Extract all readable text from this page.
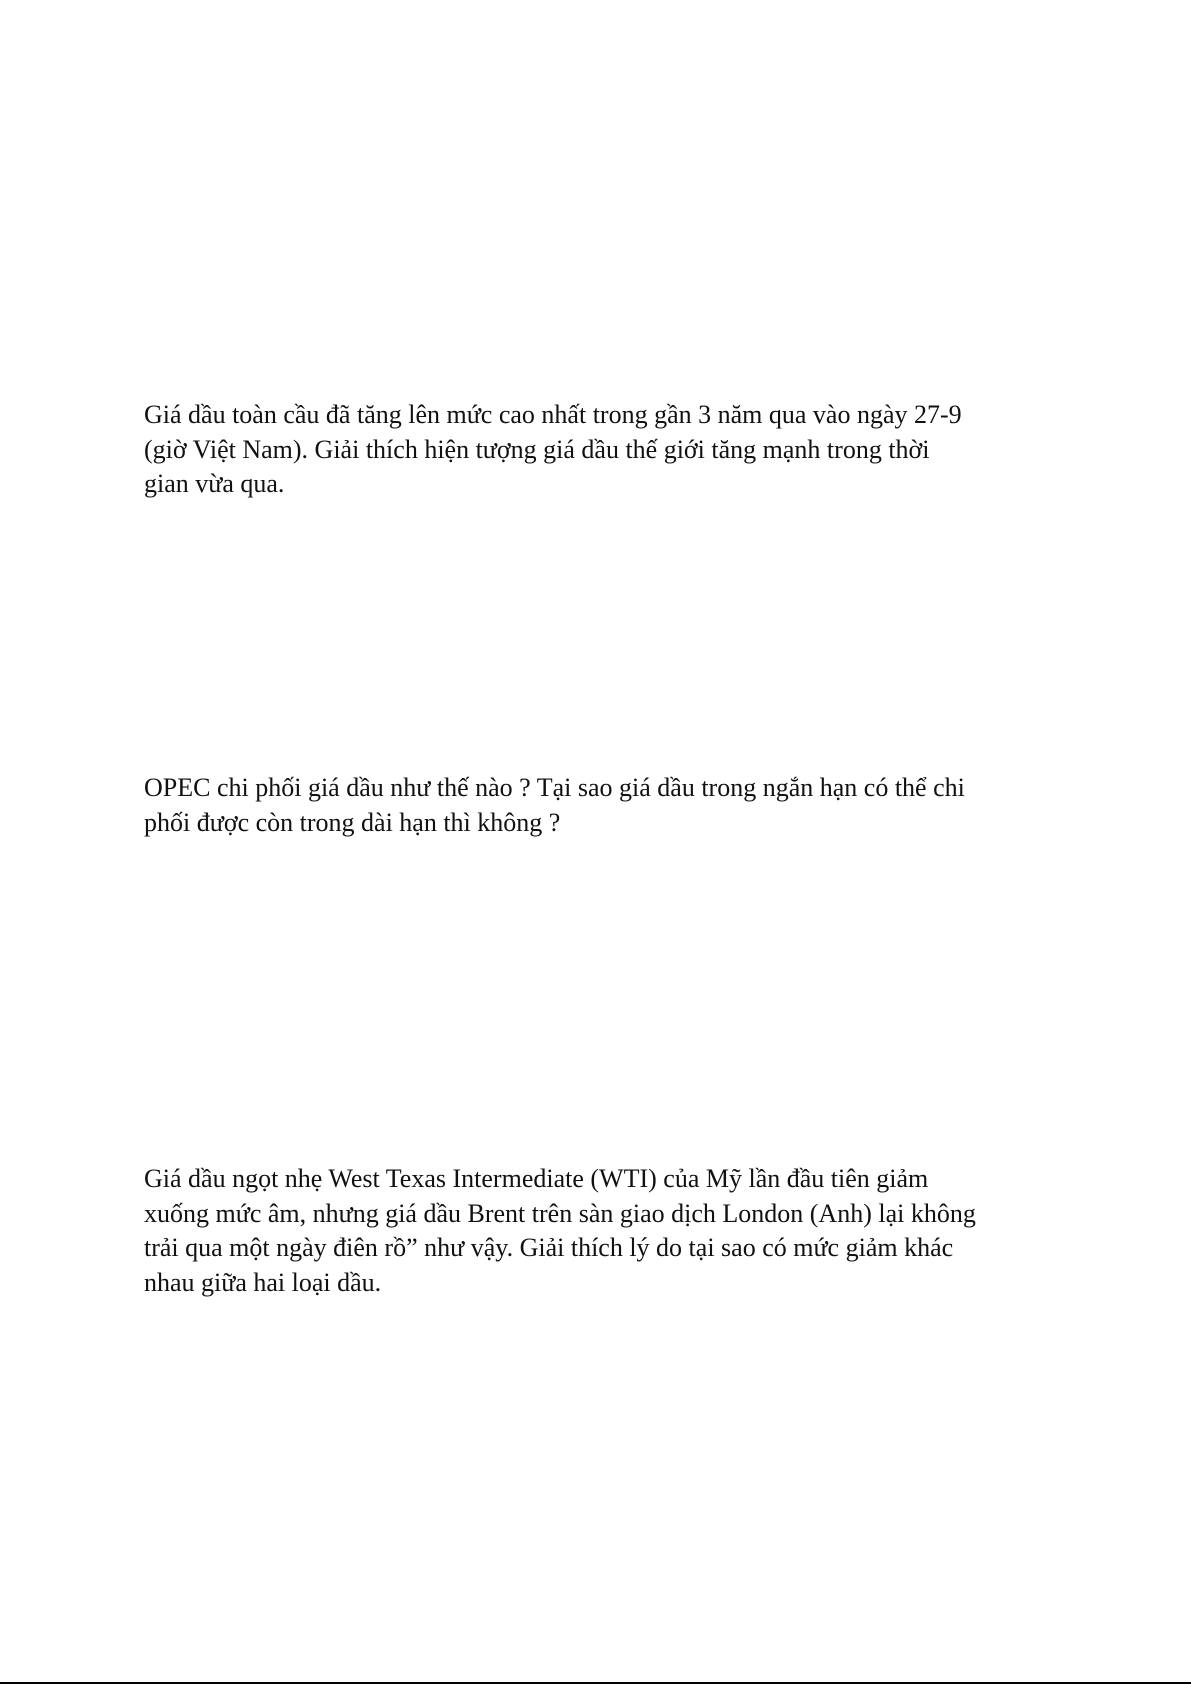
Giá dầu toàn cầu đã tăng lên mức cao nhất trong gần 3 năm qua vào ngày 27-9
(giờ Việt Nam). Giải thích hiện tượng giá dầu thế giới tăng mạnh trong thời
gian vừa qua.

OPEC chi phối giá dầu như thế nào ? Tại sao giá dầu trong ngắn hạn có thể chi
phối được còn trong dài hạn thì không ?

Giá dầu ngọt nhẹ West Texas Intermediate (WTI) của Mỹ lần đầu tiên giảm
xuống mức âm, nhưng giá dầu Brent trên sàn giao dịch London (Anh) lại không
trải qua một ngày điên rồ” như vậy. Giải thích lý do tại sao có mức giảm khác
nhau giữa hai loại dầu.
